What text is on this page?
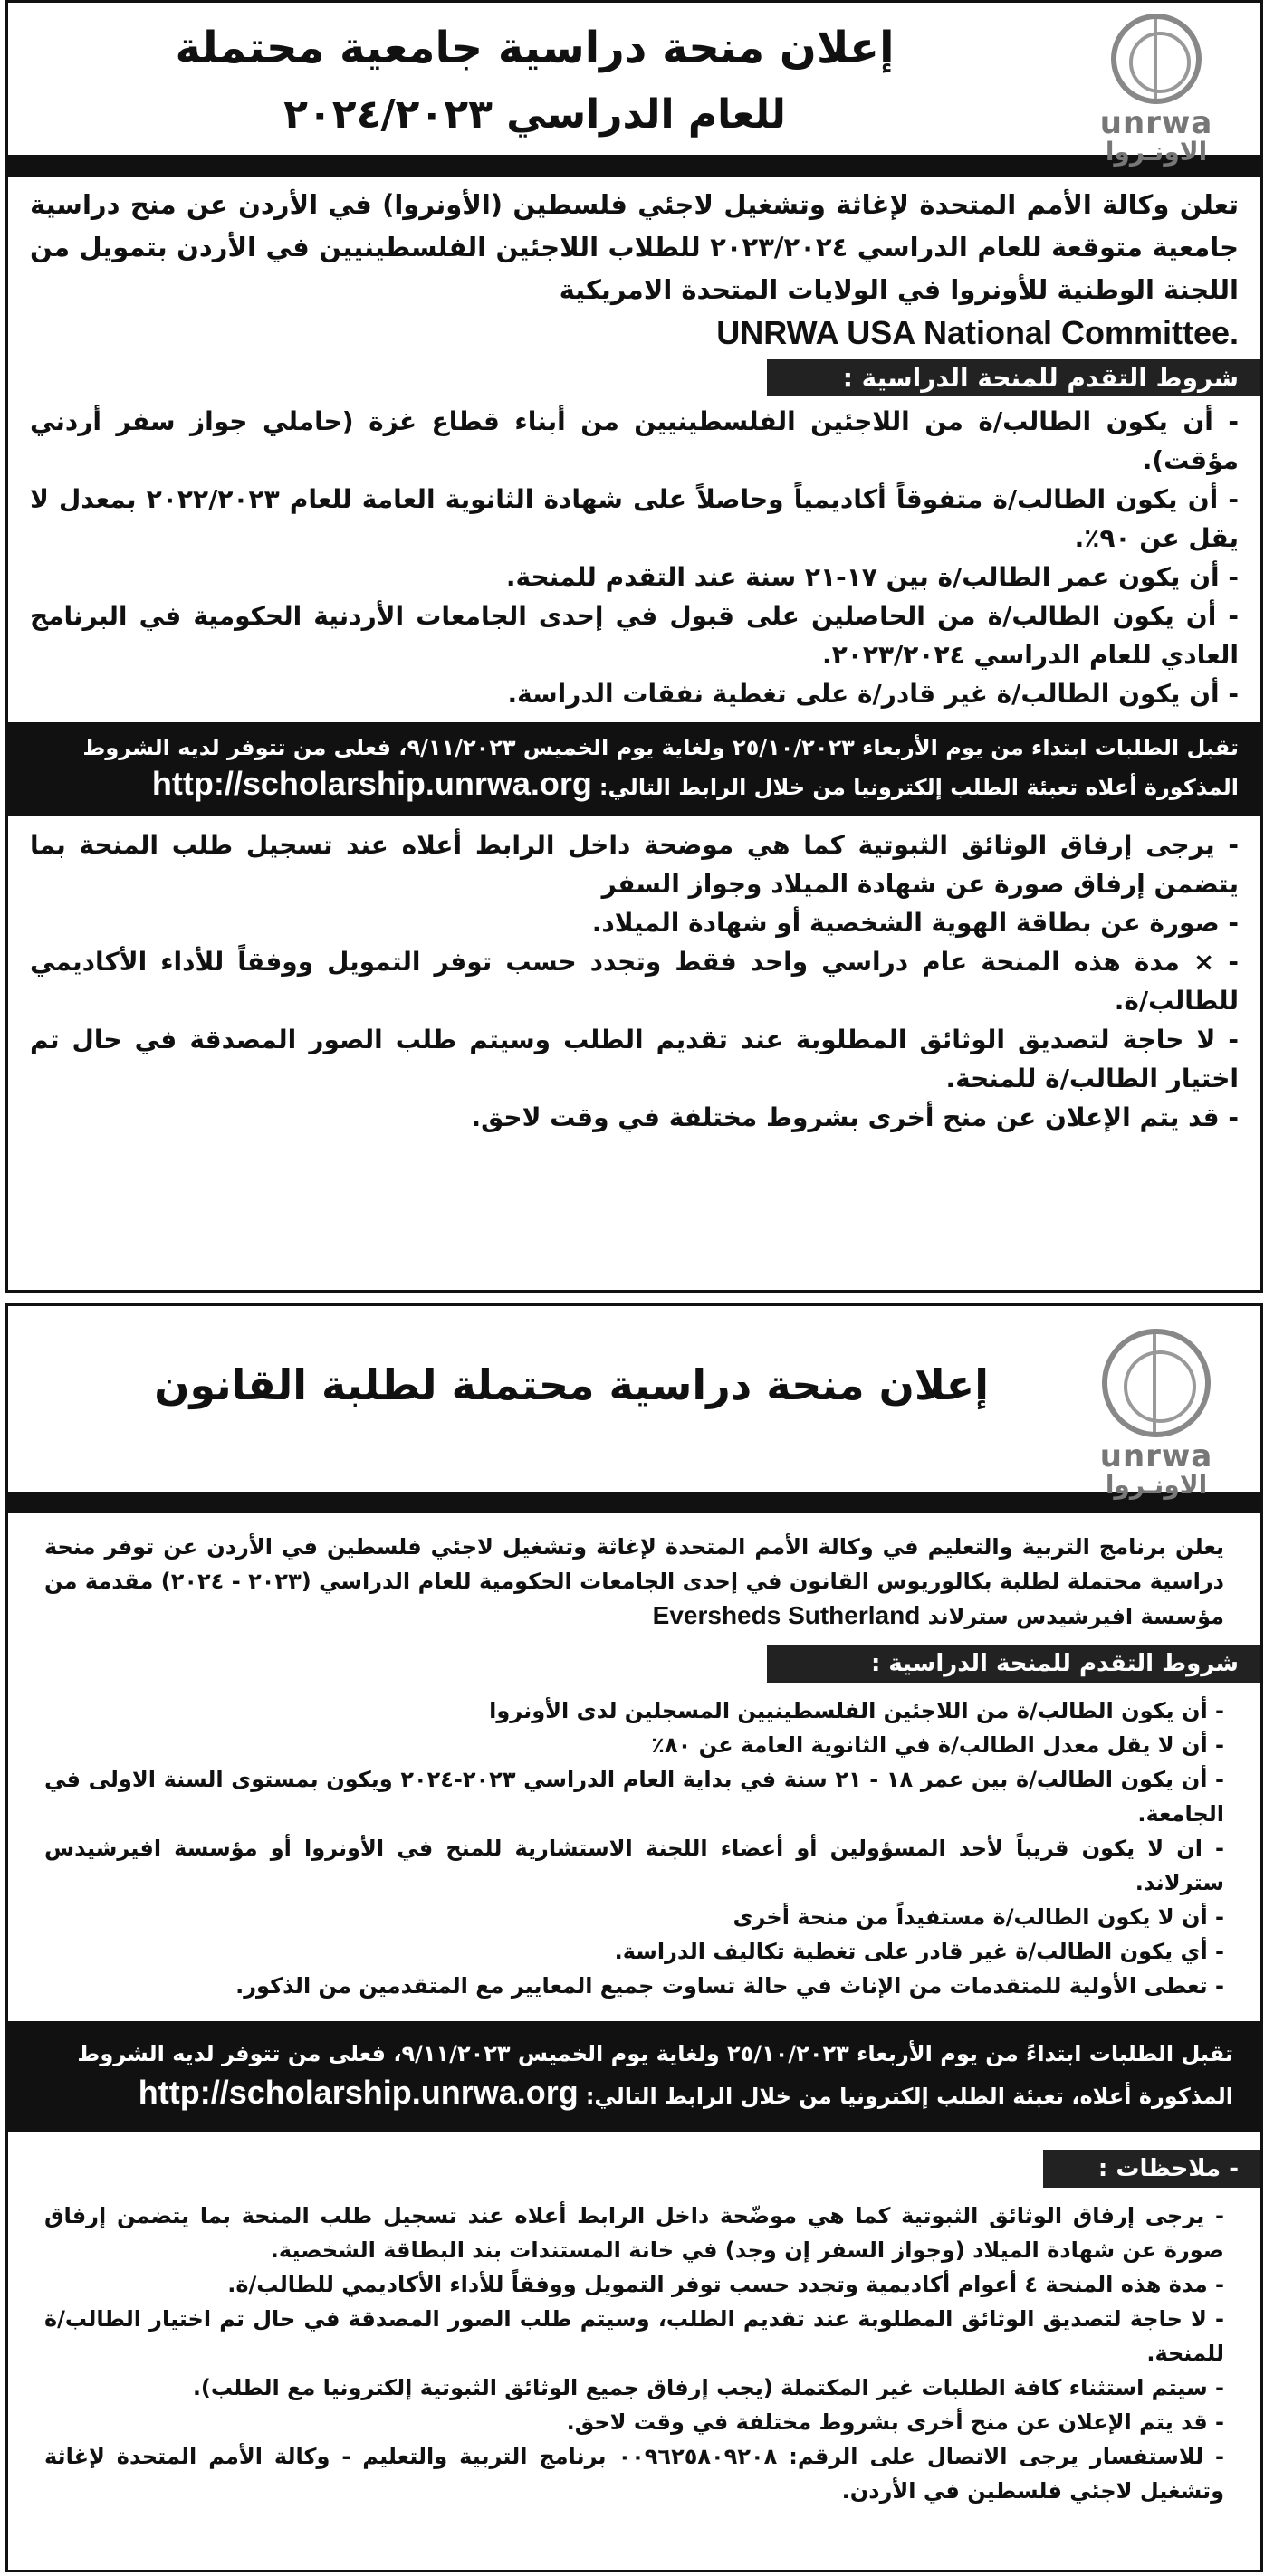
unrwa
الاونـروا
إعلان منحة دراسية جامعية محتملة
للعام الدراسي ٢٠٢٤/٢٠٢٣

تعلن وكالة الأمم المتحدة لإغاثة وتشغيل لاجئي فلسطين (الأونروا) في الأردن عن منح دراسية جامعية متوقعة للعام الدراسي ٢٠٢٣/٢٠٢٤ للطلاب اللاجئين الفلسطينيين في الأردن بتمويل من اللجنة الوطنية للأونروا في الولايات المتحدة الامريكية

UNRWA USA National Committee.

شروط التقدم للمنحة الدراسية :

- أن يكون الطالب/ة من اللاجئين الفلسطينيين من أبناء قطاع غزة (حاملي جواز سفر أردني مؤقت).

- أن يكون الطالب/ة متفوقاً أكاديمياً وحاصلاً على شهادة الثانوية العامة للعام ٢٠٢٢/٢٠٢٣ بمعدل لا يقل عن ٩٠٪.

- أن يكون عمر الطالب/ة بين ١٧-٢١ سنة عند التقدم للمنحة.

- أن يكون الطالب/ة من الحاصلين على قبول في إحدى الجامعات الأردنية الحكومية في البرنامج العادي للعام الدراسي ٢٠٢٣/٢٠٢٤.

- أن يكون الطالب/ة غير قادر/ة على تغطية نفقات الدراسة.

تقبل الطلبات ابتداء من يوم الأربعاء ٢٥/١٠/٢٠٢٣ ولغاية يوم الخميس ٩/١١/٢٠٢٣، فعلى من تتوفر لديه الشروط
المذكورة أعلاه تعبئة الطلب إلكترونيا من خلال الرابط التالي:http://scholarship.unrwa.org

- يرجى إرفاق الوثائق الثبوتية كما هي موضحة داخل الرابط أعلاه عند تسجيل طلب المنحة بما يتضمن إرفاق صورة عن شهادة الميلاد وجواز السفر

- صورة عن بطاقة الهوية الشخصية أو شهادة الميلاد.

- × مدة هذه المنحة عام دراسي واحد فقط وتجدد حسب توفر التمويل ووفقاً للأداء الأكاديمي للطالب/ة.

- لا حاجة لتصديق الوثائق المطلوبة عند تقديم الطلب وسيتم طلب الصور المصدقة في حال تم اختيار الطالب/ة للمنحة.

- قد يتم الإعلان عن منح أخرى بشروط مختلفة في وقت لاحق.

unrwa
الاونـروا
إعلان منحة دراسية محتملة لطلبة القانون

يعلن برنامج التربية والتعليم في وكالة الأمم المتحدة لإغاثة وتشغيل لاجئي فلسطين في الأردن عن توفر منحة دراسية محتملة لطلبة بكالوريوس القانون في إحدى الجامعات الحكومية للعام الدراسي (٢٠٢٣ - ٢٠٢٤) مقدمة من مؤسسة افيرشيدس سترلاند Eversheds Sutherland

شروط التقدم للمنحة الدراسية :

- أن يكون الطالب/ة من اللاجئين الفلسطينيين المسجلين لدى الأونروا

- أن لا يقل معدل الطالب/ة في الثانوية العامة عن ٨٠٪

- أن يكون الطالب/ة بين عمر ١٨ - ٢١ سنة في بداية العام الدراسي ٢٠٢٣-٢٠٢٤ ويكون بمستوى السنة الاولى في الجامعة.

- ان لا يكون قريباً لأحد المسؤولين أو أعضاء اللجنة الاستشارية للمنح في الأونروا أو مؤسسة افيرشيدس سترلاند.

- أن لا يكون الطالب/ة مستفيداً من منحة أخرى

- أي يكون الطالب/ة غير قادر على تغطية تكاليف الدراسة.

- تعطى الأولية للمتقدمات من الإناث في حالة تساوت جميع المعايير مع المتقدمين من الذكور.

تقبل الطلبات ابتداءً من يوم الأربعاء ٢٥/١٠/٢٠٢٣ ولغاية يوم الخميس ٩/١١/٢٠٢٣، فعلى من تتوفر لديه الشروط
المذكورة أعلاه، تعبئة الطلب إلكترونيا من خلال الرابط التالي:http://scholarship.unrwa.org
- ملاحظات :

- يرجى إرفاق الوثائق الثبوتية كما هي موضّحة داخل الرابط أعلاه عند تسجيل طلب المنحة بما يتضمن إرفاق صورة عن شهادة الميلاد (وجواز السفر إن وجد) في خانة المستندات بند البطاقة الشخصية.

- مدة هذه المنحة ٤ أعوام أكاديمية وتجدد حسب توفر التمويل ووفقاً للأداء الأكاديمي للطالب/ة.

- لا حاجة لتصديق الوثائق المطلوبة عند تقديم الطلب، وسيتم طلب الصور المصدقة في حال تم اختيار الطالب/ة للمنحة.

- سيتم استثناء كافة الطلبات غير المكتملة (يجب إرفاق جميع الوثائق الثبوتية إلكترونيا مع الطلب).

- قد يتم الإعلان عن منح أخرى بشروط مختلفة في وقت لاحق.

- للاستفسار يرجى الاتصال على الرقم: ٠٠٩٦٢٥٨٠٩٢٠٨ برنامج التربية والتعليم - وكالة الأمم المتحدة لإغاثة وتشغيل لاجئي فلسطين في الأردن.
